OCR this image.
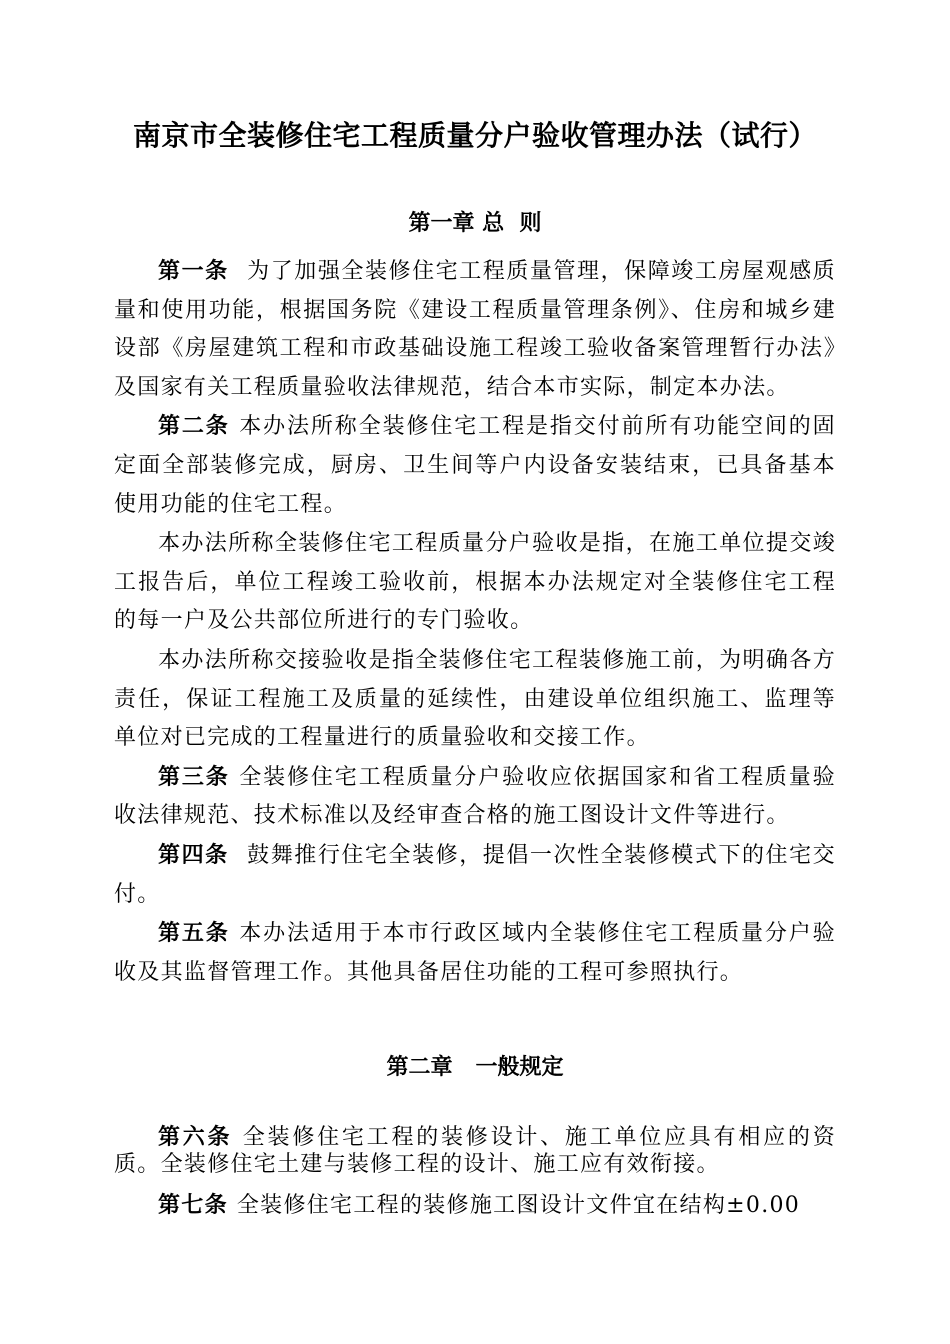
南京市全装修住宅工程质量分户验收管理办法（试行）
第一章 总  则

第一条  为了加强全装修住宅工程质量管理，保障竣工房屋观感质量和使用功能，根据国务院《建设工程质量管理条例》、住房和城乡建设部《房屋建筑工程和市政基础设施工程竣工验收备案管理暂行办法》及国家有关工程质量验收法律规范，结合本市实际，制定本办法。

第二条 本办法所称全装修住宅工程是指交付前所有功能空间的固定面全部装修完成，厨房、卫生间等户内设备安装结束，已具备基本使用功能的住宅工程。

本办法所称全装修住宅工程质量分户验收是指，在施工单位提交竣工报告后，单位工程竣工验收前，根据本办法规定对全装修住宅工程的每一户及公共部位所进行的专门验收。

本办法所称交接验收是指全装修住宅工程装修施工前，为明确各方责任，保证工程施工及质量的延续性，由建设单位组织施工、监理等单位对已完成的工程量进行的质量验收和交接工作。

第三条 全装修住宅工程质量分户验收应依据国家和省工程质量验收法律规范、技术标准以及经审查合格的施工图设计文件等进行。

第四条  鼓舞推行住宅全装修，提倡一次性全装修模式下的住宅交付。

第五条 本办法适用于本市行政区域内全装修住宅工程质量分户验收及其监督管理工作。其他具备居住功能的工程可参照执行。

第二章   一般规定

第六条 全装修住宅工程的装修设计、施工单位应具有相应的资质。全装修住宅土建与装修工程的设计、施工应有效衔接。

第七条 全装修住宅工程的装修施工图设计文件宜在结构±0.00
